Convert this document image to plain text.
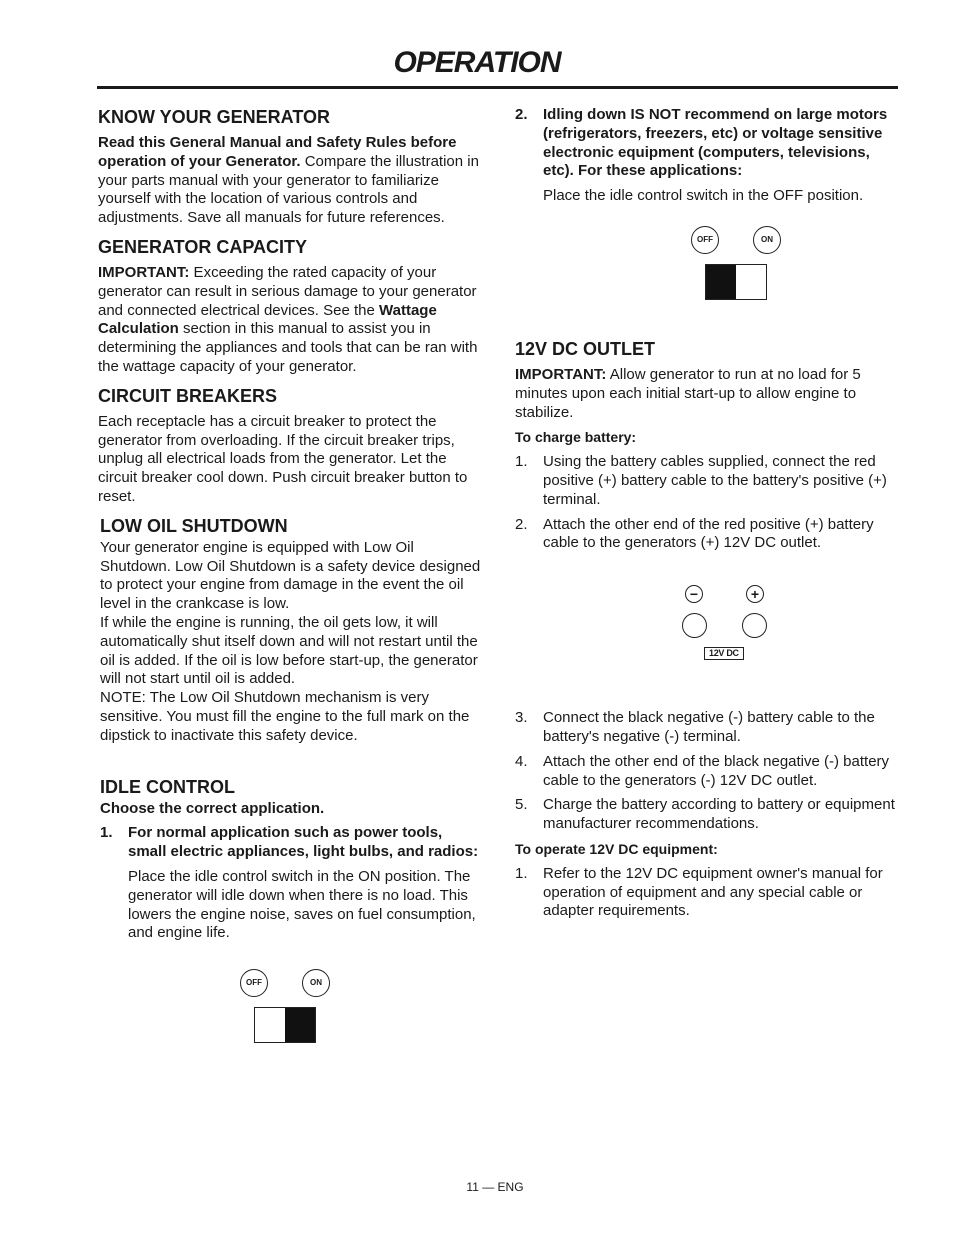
OPERATION
KNOW YOUR GENERATOR

Read this General Manual and Safety Rules before operation of your Generator. Compare the illustration in your parts manual with your generator to familiarize yourself with the location of various controls and adjustments. Save all manuals for future references.

GENERATOR CAPACITY

IMPORTANT: Exceeding the rated capacity of your generator can result in serious damage to your generator and connected electrical devices. See the Wattage Calculation section in this manual to assist you in determining the appliances and tools that can be ran with the wattage capacity of your generator.

CIRCUIT BREAKERS

Each receptacle has a circuit breaker to protect the generator from overloading. If the circuit breaker trips, unplug all electrical loads from the generator. Let the circuit breaker cool down. Push circuit breaker button to reset.

LOW OIL SHUTDOWN
Your generator engine is equipped with Low Oil Shutdown. Low Oil Shutdown is a safety device designed to protect your engine from damage in the event the oil level in the crankcase is low.
If while the engine is running, the oil gets low, it will automatically shut itself down and will not restart until the oil is added. If the oil is low before start-up, the generator will not start until oil is added.
NOTE: The Low Oil Shutdown mechanism is very sensitive. You must fill the engine to the full mark on the dipstick to inactivate this safety device.
IDLE CONTROL

Choose the correct application.

1.	For normal application such as power tools, small electric appliances, light bulbs, and radios:
Place the idle control switch in the ON position. The generator will idle down when there is no load. This lowers the engine noise, saves on fuel consumption, and engine life.
OFF	ON
2.	Idling down IS NOT recommend on large motors (refrigerators, freezers, etc) or voltage sensitive electronic equipment (computers, televisions, etc). For these applications:
Place the idle control switch in the OFF position.
OFF	ON
12V DC OUTLET

IMPORTANT: Allow generator to run at no load for 5 minutes upon each initial start-up to allow engine to stabilize.

To charge battery:

1.	Using the battery cables supplied, connect the red positive (+) battery cable to the battery's positive (+) terminal.
2.	Attach the other end of the red positive (+) battery cable to the generators (+) 12V DC outlet.
−	+
12V DC
3.	Connect the black negative (-) battery cable to the battery's negative (-) terminal.
4.	Attach the other end of the black negative (-) battery cable to the generators (-) 12V DC outlet.
5.	Charge the battery according to battery or equipment manufacturer recommendations.

To operate 12V DC equipment:

1.	Refer to the 12V DC equipment owner's manual for operation of equipment and any special cable or adapter requirements.
11 — ENG
